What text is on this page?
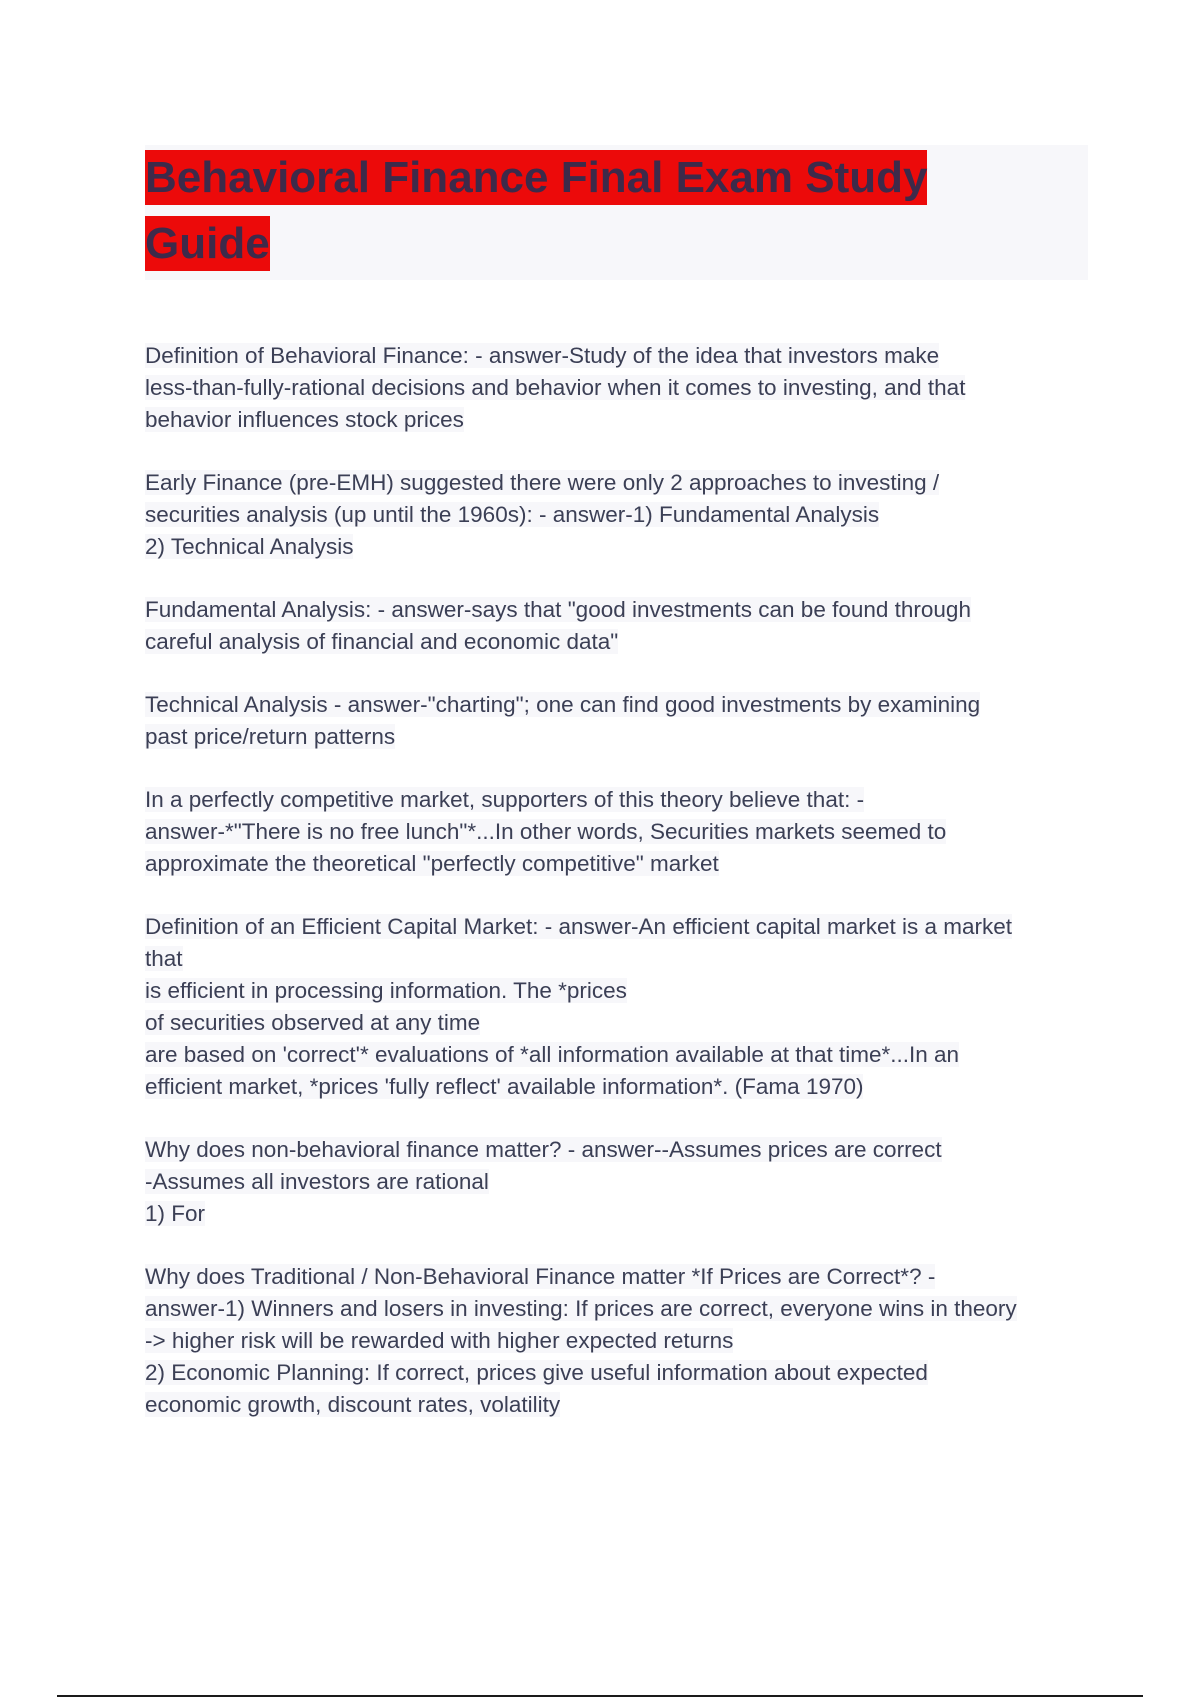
Behavioral Finance Final Exam Study Guide
Definition of Behavioral Finance: - answer-Study of the idea that investors make
less-than-fully-rational decisions and behavior when it comes to investing, and that
behavior influences stock prices
Early Finance (pre-EMH) suggested there were only 2 approaches to investing /
securities analysis (up until the 1960s): - answer-1) Fundamental Analysis
2) Technical Analysis
Fundamental Analysis: - answer-says that "good investments can be found through
careful analysis of financial and economic data"
Technical Analysis - answer-"charting"; one can find good investments by examining
past price/return patterns
In a perfectly competitive market, supporters of this theory believe that: -
answer-*"There is no free lunch"*...In other words, Securities markets seemed to
approximate the theoretical "perfectly competitive" market
Definition of an Efficient Capital Market: - answer-An efficient capital market is a market
that
is efficient in processing information. The *prices
of securities observed at any time
are based on 'correct'* evaluations of *all information available at that time*...In an
efficient market, *prices 'fully reflect' available information*. (Fama 1970)
Why does non-behavioral finance matter? - answer--Assumes prices are correct
-Assumes all investors are rational
1) For
Why does Traditional / Non-Behavioral Finance matter *If Prices are Correct*? -
answer-1) Winners and losers in investing: If prices are correct, everyone wins in theory
-> higher risk will be rewarded with higher expected returns
2) Economic Planning: If correct, prices give useful information about expected
economic growth, discount rates, volatility
